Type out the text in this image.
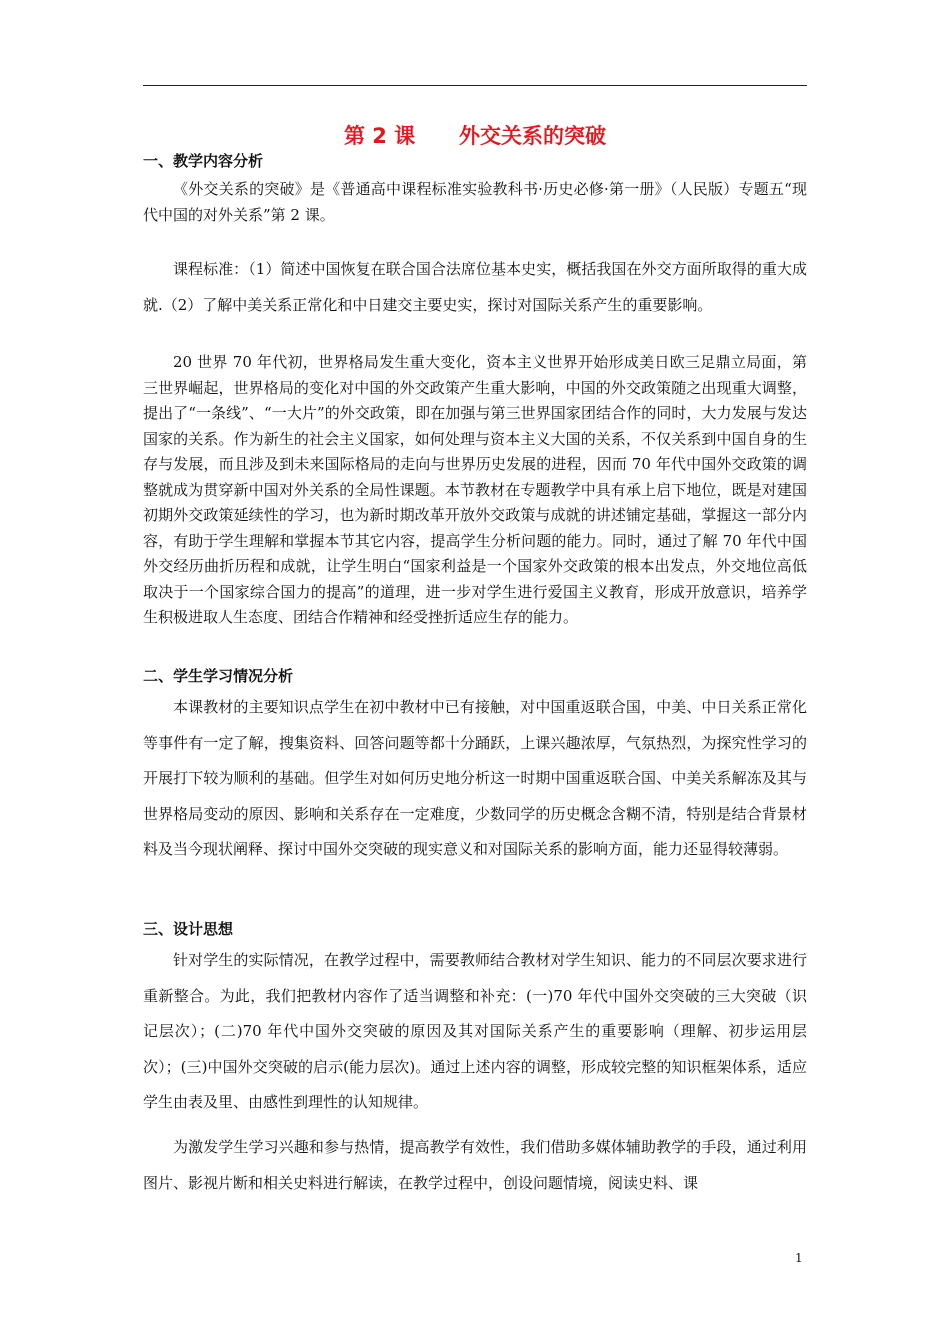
第 2 课      外交关系的突破
一、教学内容分析

《外交关系的突破》是《普通高中课程标准实验教科书·历史必修·第一册》（人民版）专题五“现代中国的对外关系”第 2 课。

课程标准：（1）简述中国恢复在联合国合法席位基本史实，概括我国在外交方面所取得的重大成就.（2）了解中美关系正常化和中日建交主要史实，探讨对国际关系产生的重要影响。

20 世界 70 年代初，世界格局发生重大变化，资本主义世界开始形成美日欧三足鼎立局面，第三世界崛起，世界格局的变化对中国的外交政策产生重大影响，中国的外交政策随之出现重大调整，提出了“一条线”、“一大片”的外交政策，即在加强与第三世界国家团结合作的同时，大力发展与发达国家的关系。作为新生的社会主义国家，如何处理与资本主义大国的关系，不仅关系到中国自身的生存与发展，而且涉及到未来国际格局的走向与世界历史发展的进程，因而 70 年代中国外交政策的调整就成为贯穿新中国对外关系的全局性课题。本节教材在专题教学中具有承上启下地位，既是对建国初期外交政策延续性的学习，也为新时期改革开放外交政策与成就的讲述铺定基础，掌握这一部分内容，有助于学生理解和掌握本节其它内容，提高学生分析问题的能力。同时，通过了解 70 年代中国外交经历曲折历程和成就，让学生明白“国家利益是一个国家外交政策的根本出发点，外交地位高低取决于一个国家综合国力的提高”的道理，进一步对学生进行爱国主义教育，形成开放意识，培养学生积极进取人生态度、团结合作精神和经受挫折适应生存的能力。

二、学生学习情况分析

本课教材的主要知识点学生在初中教材中已有接触，对中国重返联合国，中美、中日关系正常化等事件有一定了解，搜集资料、回答问题等都十分踊跃，上课兴趣浓厚，气氛热烈，为探究性学习的开展打下较为顺利的基础。但学生对如何历史地分析这一时期中国重返联合国、中美关系解冻及其与世界格局变动的原因、影响和关系存在一定难度，少数同学的历史概念含糊不清，特别是结合背景材料及当今现状阐释、探讨中国外交突破的现实意义和对国际关系的影响方面，能力还显得较薄弱。

三、设计思想

针对学生的实际情况，在教学过程中，需要教师结合教材对学生知识、能力的不同层次要求进行重新整合。为此，我们把教材内容作了适当调整和补充：(一)70 年代中国外交突破的三大突破（识记层次）；(二)70 年代中国外交突破的原因及其对国际关系产生的重要影响（理解、初步运用层次）；(三)中国外交突破的启示(能力层次)。通过上述内容的调整，形成较完整的知识框架体系，适应学生由表及里、由感性到理性的认知规律。

为激发学生学习兴趣和参与热情，提高教学有效性，我们借助多媒体辅助教学的手段，通过利用图片、影视片断和相关史料进行解读，在教学过程中，创设问题情境，阅读史料、课

1
